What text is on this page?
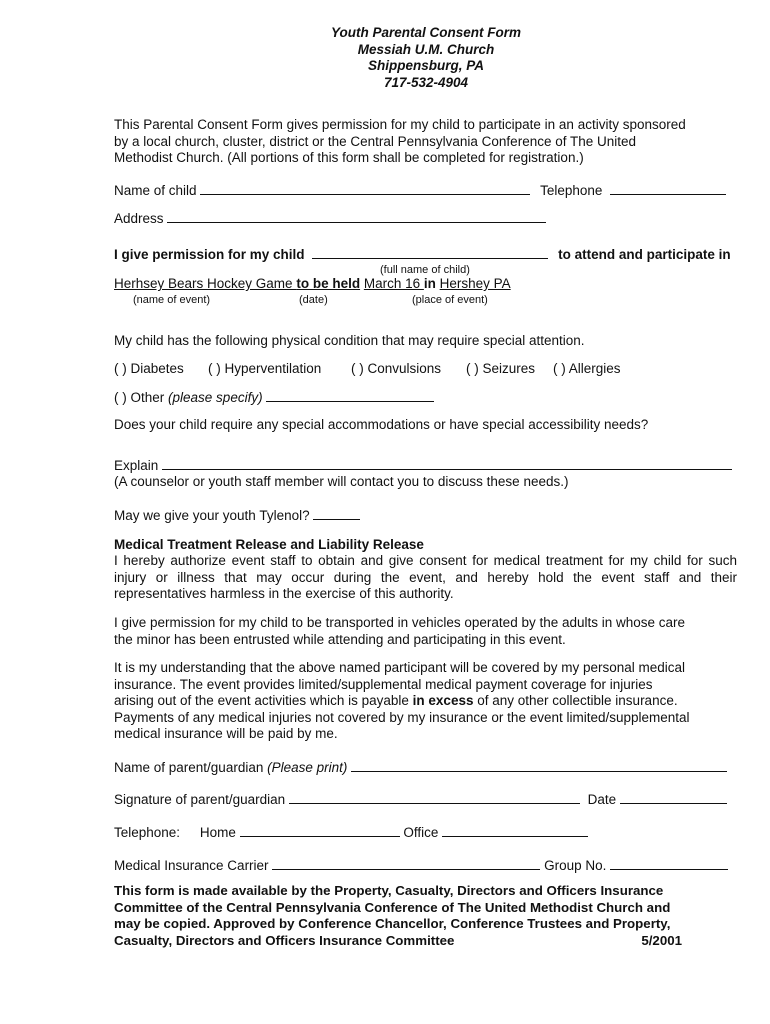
Youth Parental Consent Form
Messiah U.M. Church
Shippensburg, PA
717-532-4904
This Parental Consent Form gives permission for my child to participate in an activity sponsored
by a local church, cluster, district or the Central Pennsylvania Conference of The United
Methodist Church. (All portions of this form shall be completed for registration.)
Name of child	Telephone
Address
I give permission for my child	to attend and participate in
(full name of child)
Herhsey Bears Hockey Game to be held March 16 in Hershey PA
(name of event)	(date)	(place of event)
My child has the following physical condition that may require special attention.
( ) Diabetes ( ) Hyperventilation ( ) Convulsions ( ) Seizures ( ) Allergies
( ) Other (please specify)
Does your child require any special accommodations or have special accessibility needs?
Explain
(A counselor or youth staff member will contact you to discuss these needs.)
May we give your youth Tylenol?
Medical Treatment Release and Liability Release
I hereby authorize event staff to obtain and give consent for medical treatment for my child for such injury or illness that may occur during the event, and hereby hold the event staff and their representatives harmless in the exercise of this authority.
I give permission for my child to be transported in vehicles operated by the adults in whose care
the minor has been entrusted while attending and participating in this event.
It is my understanding that the above named participant will be covered by my personal medical
insurance. The event provides limited/supplemental medical payment coverage for injuries
arising out of the event activities which is payable in excess of any other collectible insurance.
Payments of any medical injuries not covered by my insurance or the event limited/supplemental
medical insurance will be paid by me.
Name of parent/guardian (Please print)
Signature of parent/guardian	Date
Telephone: Home	Office
Medical Insurance Carrier	Group No.
This form is made available by the Property, Casualty, Directors and Officers Insurance
Committee of the Central Pennsylvania Conference of The United Methodist Church and
may be copied. Approved by Conference Chancellor, Conference Trustees and Property,
Casualty, Directors and Officers Insurance Committee	5/2001
